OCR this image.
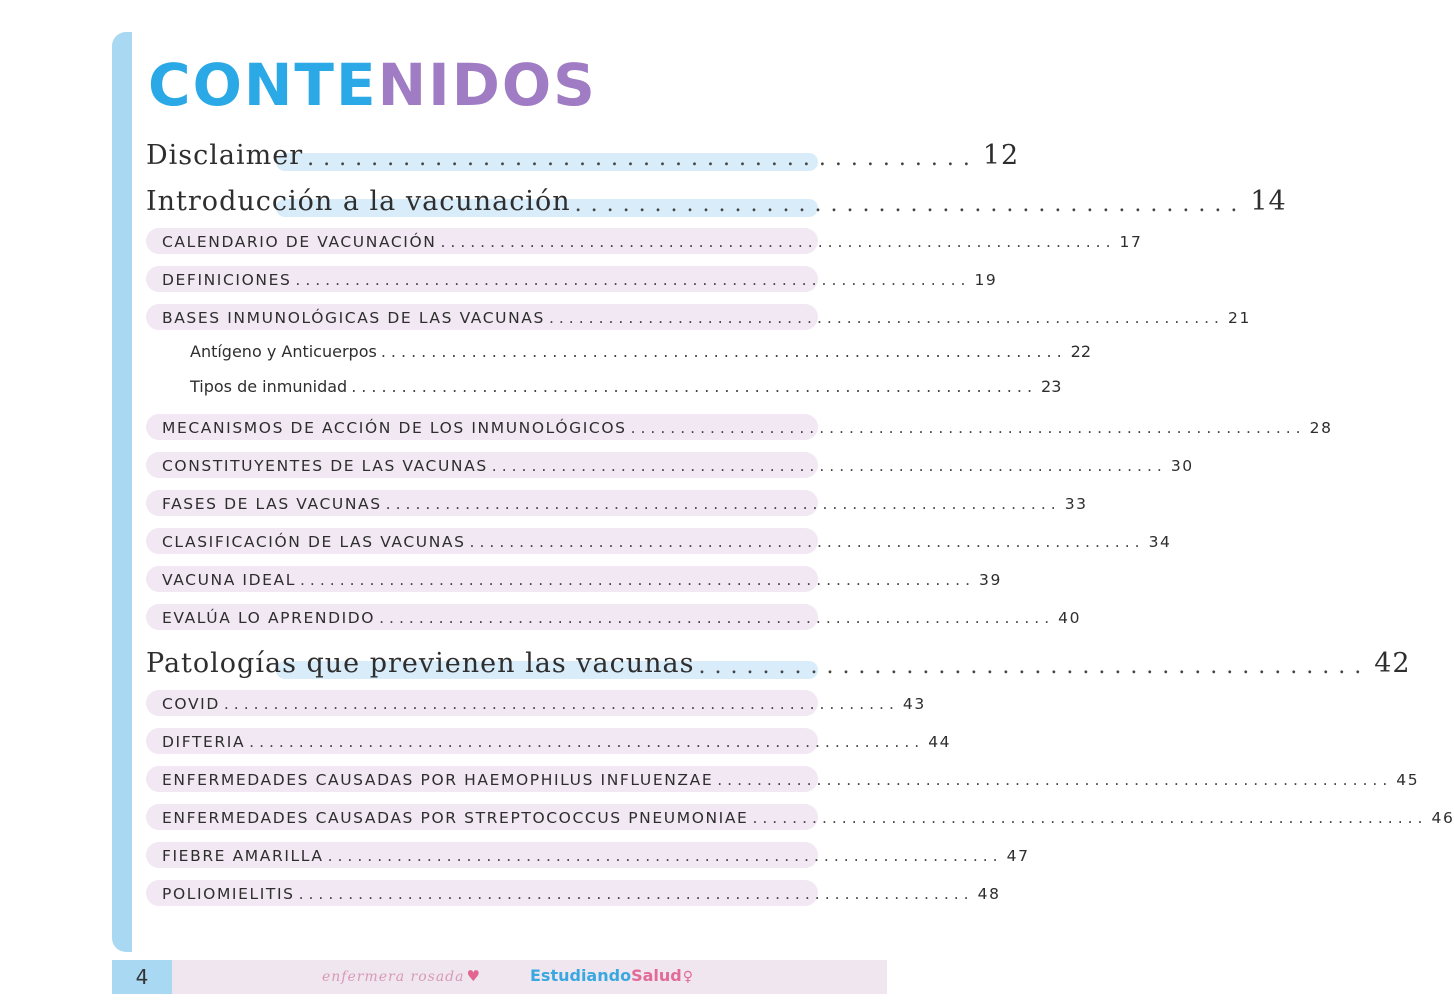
CONTENIDOS
Disclaimer .......................................... 12
Introducción a la vacunación .......................................... 14
CALENDARIO DE VACUNACIÓN .................................................................... 17
DEFINICIONES .................................................................... 19
BASES INMUNOLÓGICAS DE LAS VACUNAS .................................................................... 21
Antígeno y Anticuerpos .................................................................... 22
Tipos de inmunidad .................................................................... 23
MECANISMOS DE ACCIÓN DE LOS INMUNOLÓGICOS .................................................................... 28
CONSTITUYENTES DE LAS VACUNAS .................................................................... 30
FASES DE LAS VACUNAS .................................................................... 33
CLASIFICACIÓN DE LAS VACUNAS .................................................................... 34
VACUNA IDEAL .................................................................... 39
EVALÚA LO APRENDIDO .................................................................... 40
Patologías que previenen las vacunas .......................................... 42
COVID .................................................................... 43
DIFTERIA .................................................................... 44
ENFERMEDADES CAUSADAS POR HAEMOPHILUS INFLUENZAE .................................................................... 45
ENFERMEDADES CAUSADAS POR STREPTOCOCCUS PNEUMONIAE .................................................................... 46
FIEBRE AMARILLA .................................................................... 47
POLIOMIELITIS .................................................................... 48
4	enfermera rosada ♥	EstudiandoSalud♀
